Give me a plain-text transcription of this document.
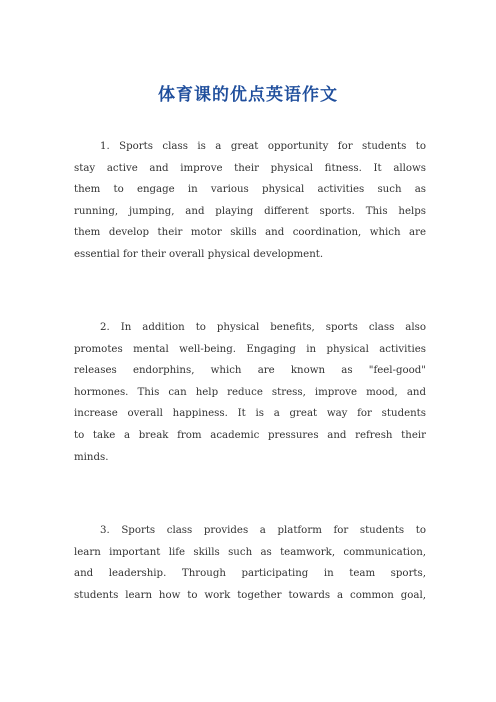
体育课的优点英语作文
1. Sports class is a great opportunity for students to
stay active and improve their physical fitness. It allows
them to engage in various physical activities such as
running, jumping, and playing different sports. This helps
them develop their motor skills and coordination, which are
essential for their overall physical development.
2. In addition to physical benefits, sports class also
promotes mental well-being. Engaging in physical activities
releases endorphins, which are known as "feel-good"
hormones. This can help reduce stress, improve mood, and
increase overall happiness. It is a great way for students
to take a break from academic pressures and refresh their
minds.
3. Sports class provides a platform for students to
learn important life skills such as teamwork, communication,
and leadership. Through participating in team sports,
students learn how to work together towards a common goal,
